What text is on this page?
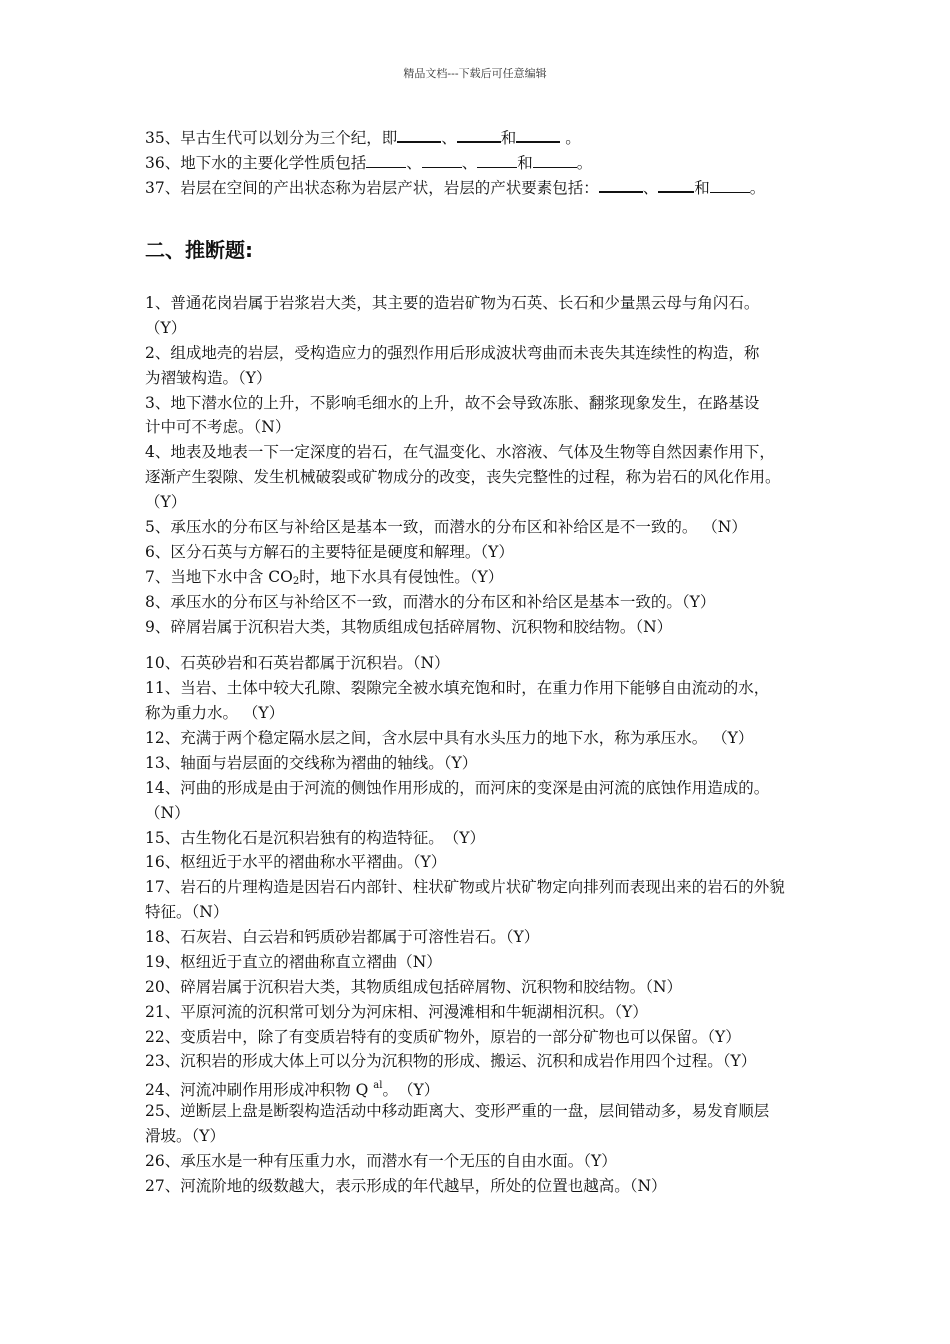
精品文档---下载后可任意编辑
35、早古生代可以划分为三个纪，即	、	和	。
36、地下水的主要化学性质包括	、	、	和	。
37、岩层在空间的产出状态称为岩层产状，岩层的产状要素包括：	、 和	。
二、推断题:
1、普通花岗岩属于岩浆岩大类，其主要的造岩矿物为石英、长石和少量黑云母与角闪石。
（Y）
2、组成地壳的岩层，受构造应力的强烈作用后形成波状弯曲而未丧失其连续性的构造，称
为褶皱构造。（Y）
3、地下潜水位的上升，不影响毛细水的上升，故不会导致冻胀、翻浆现象发生，在路基设
计中可不考虑。（N）
4、地表及地表一下一定深度的岩石，在气温变化、水溶液、气体及生物等自然因素作用下，
逐渐产生裂隙、发生机械破裂或矿物成分的改变，丧失完整性的过程，称为岩石的风化作用。
（Y）
5、承压水的分布区与补给区是基本一致，而潜水的分布区和补给区是不一致的。 （N）
6、区分石英与方解石的主要特征是硬度和解理。（Y）
7、当地下水中含 $CO_2$时，地下水具有侵蚀性。（Y）
8、承压水的分布区与补给区不一致，而潜水的分布区和补给区是基本一致的。（Y）
9、碎屑岩属于沉积岩大类，其物质组成包括碎屑物、沉积物和胶结物。（N）
10、石英砂岩和石英岩都属于沉积岩。（N）
11、当岩、土体中较大孔隙、裂隙完全被水填充饱和时，在重力作用下能够自由流动的水，
称为重力水。 （Y）
12、充满于两个稳定隔水层之间，含水层中具有水头压力的地下水，称为承压水。 （Y）
13、轴面与岩层面的交线称为褶曲的轴线。（Y）
14、河曲的形成是由于河流的侧蚀作用形成的，而河床的变深是由河流的底蚀作用造成的。
（N）
15、古生物化石是沉积岩独有的构造特征。　（Y）
16、枢纽近于水平的褶曲称水平褶曲。（Y）
17、岩石的片理构造是因岩石内部针、柱状矿物或片状矿物定向排列而表现出来的岩石的外貌
特征。（N）
18、石灰岩、白云岩和钙质砂岩都属于可溶性岩石。（Y）
19、枢纽近于直立的褶曲称直立褶曲（N）
20、碎屑岩属于沉积岩大类，其物质组成包括碎屑物、沉积物和胶结物。（N）
21、平原河流的沉积常可划分为河床相、河漫滩相和牛轭湖相沉积。（Y）
22、变质岩中，除了有变质岩特有的变质矿物外，原岩的一部分矿物也可以保留。（Y）
23、沉积岩的形成大体上可以分为沉积物的形成、搬运、沉积和成岩作用四个过程。（Y）
24、河流冲刷作用形成冲积物 Q $^{al}$。　（Y）
25、逆断层上盘是断裂构造活动中移动距离大、变形严重的一盘，层间错动多，易发育顺层
滑坡。（Y）
26、承压水是一种有压重力水，而潜水有一个无压的自由水面。（Y）
27、河流阶地的级数越大，表示形成的年代越早，所处的位置也越高。（N）
